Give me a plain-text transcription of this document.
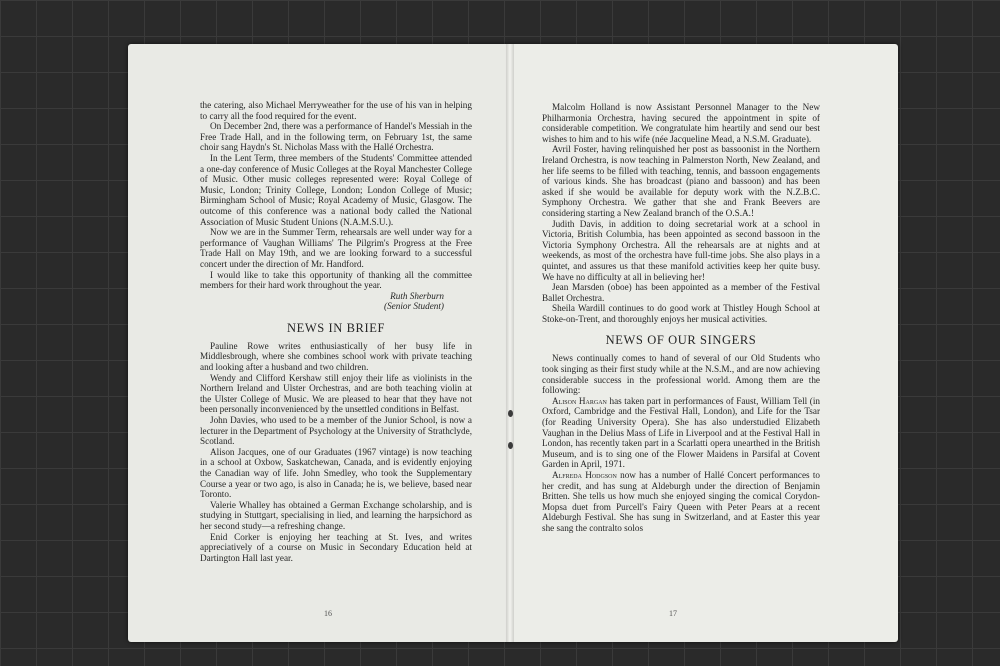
the catering, also Michael Merryweather for the use of his van in helping to carry all the food required for the event.

On December 2nd, there was a performance of Handel's Messiah in the Free Trade Hall, and in the following term, on February 1st, the same choir sang Haydn's St. Nicholas Mass with the Hallé Orchestra.

In the Lent Term, three members of the Students' Committee attended a one-day conference of Music Colleges at the Royal Manchester College of Music. Other music colleges represented were: Royal College of Music, London; Trinity College, London; London College of Music; Birmingham School of Music; Royal Academy of Music, Glasgow. The outcome of this conference was a national body called the National Association of Music Student Unions (N.A.M.S.U.).

Now we are in the Summer Term, rehearsals are well under way for a performance of Vaughan Williams' The Pilgrim's Progress at the Free Trade Hall on May 19th, and we are looking forward to a successful concert under the direction of Mr. Handford.

I would like to take this opportunity of thanking all the committee members for their hard work throughout the year.

Ruth Sherburn
(Senior Student)
NEWS IN BRIEF

Pauline Rowe writes enthusiastically of her busy life in Middlesbrough, where she combines school work with private teaching and looking after a husband and two children.

Wendy and Clifford Kershaw still enjoy their life as violinists in the Northern Ireland and Ulster Orchestras, and are both teaching violin at the Ulster College of Music. We are pleased to hear that they have not been personally inconvenienced by the unsettled conditions in Belfast.

John Davies, who used to be a member of the Junior School, is now a lecturer in the Department of Psychology at the University of Strathclyde, Scotland.

Alison Jacques, one of our Graduates (1967 vintage) is now teaching in a school at Oxbow, Saskatchewan, Canada, and is evidently enjoying the Canadian way of life. John Smedley, who took the Supplementary Course a year or two ago, is also in Canada; he is, we believe, based near Toronto.

Valerie Whalley has obtained a German Exchange scholarship, and is studying in Stuttgart, specialising in lied, and learning the harpsichord as her second study—a refreshing change.

Enid Corker is enjoying her teaching at St. Ives, and writes appreciatively of a course on Music in Secondary Education held at Dartington Hall last year.

16

Malcolm Holland is now Assistant Personnel Manager to the New Philharmonia Orchestra, having secured the appointment in spite of considerable competition. We congratulate him heartily and send our best wishes to him and to his wife (née Jacqueline Mead, a N.S.M. Graduate).

Avril Foster, having relinquished her post as bassoonist in the Northern Ireland Orchestra, is now teaching in Palmerston North, New Zealand, and her life seems to be filled with teaching, tennis, and bassoon engagements of various kinds. She has broadcast (piano and bassoon) and has been asked if she would be available for deputy work with the N.Z.B.C. Symphony Orchestra. We gather that she and Frank Beevers are considering starting a New Zealand branch of the O.S.A.!

Judith Davis, in addition to doing secretarial work at a school in Victoria, British Columbia, has been appointed as second bassoon in the Victoria Symphony Orchestra. All the rehearsals are at nights and at weekends, as most of the orchestra have full-time jobs. She also plays in a quintet, and assures us that these manifold activities keep her quite busy. We have no difficulty at all in believing her!

Jean Marsden (oboe) has been appointed as a member of the Festival Ballet Orchestra.

Sheila Wardill continues to do good work at Thistley Hough School at Stoke-on-Trent, and thoroughly enjoys her musical activities.

NEWS OF OUR SINGERS

News continually comes to hand of several of our Old Students who took singing as their first study while at the N.S.M., and are now achieving considerable success in the professional world. Among them are the following:

Alison Hargan has taken part in performances of Faust, William Tell (in Oxford, Cambridge and the Festival Hall, London), and Life for the Tsar (for Reading University Opera). She has also understudied Elizabeth Vaughan in the Delius Mass of Life in Liverpool and at the Festival Hall in London, has recently taken part in a Scarlatti opera unearthed in the British Museum, and is to sing one of the Flower Maidens in Parsifal at Covent Garden in April, 1971.

Alfreda Hodgson now has a number of Hallé Concert performances to her credit, and has sung at Aldeburgh under the direction of Benjamin Britten. She tells us how much she enjoyed singing the comical Corydon-Mopsa duet from Purcell's Fairy Queen with Peter Pears at a recent Aldeburgh Festival. She has sung in Switzerland, and at Easter this year she sang the contralto solos

17
